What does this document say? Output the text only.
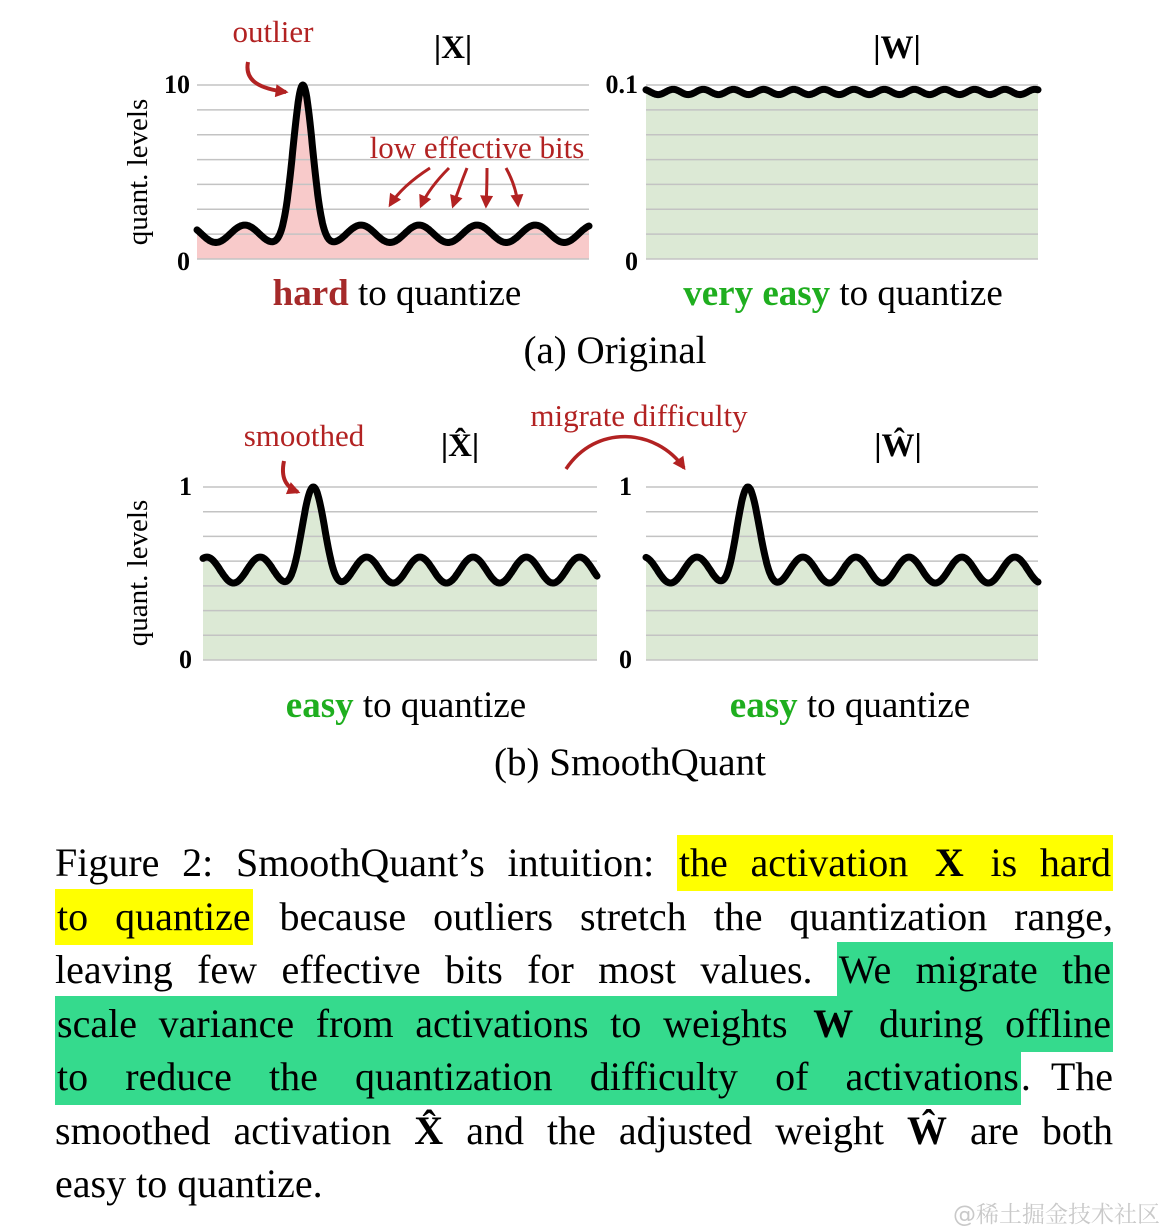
quant. levels
10
0
|X|
outlier
low effective bits
hard to quantize
0.1
0
|W|
very easy to quantize
(a) Original
quant. levels
1
0
|X̂|
smoothed
migrate difficulty
easy to quantize
1
0
|Ŵ|
easy to quantize
(b) SmoothQuant
Figure 2: SmoothQuant’s intuition: the activation X is hard
to quantize because outliers stretch the quantization range,
leaving few effective bits for most values. We migrate the
scale variance from activations to weights W during offline
to reduce the quantization difficulty of activations. The
smoothed activation X̂ and the adjusted weight Ŵ are both
easy to quantize.
@稀土掘金技术社区
